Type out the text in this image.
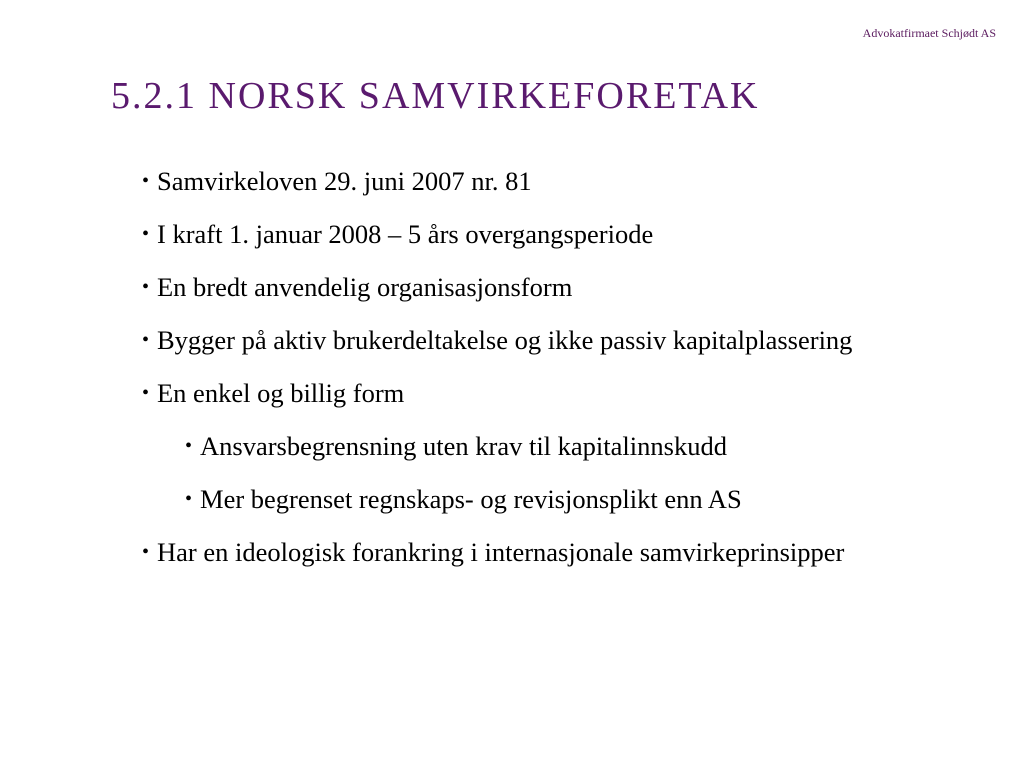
Advokatfirmaet Schjødt AS
5.2.1 NORSK SAMVIRKEFORETAK
• Samvirkeloven 29. juni 2007 nr. 81
• I kraft 1. januar 2008 – 5 års overgangsperiode
• En bredt anvendelig organisasjonsform
• Bygger på aktiv brukerdeltakelse og ikke passiv kapitalplassering
• En enkel og billig form
• Ansvarsbegrensning uten krav til kapitalinnskudd
• Mer begrenset regnskaps- og revisjonsplikt enn AS
• Har en ideologisk forankring i internasjonale samvirkeprinsipper
